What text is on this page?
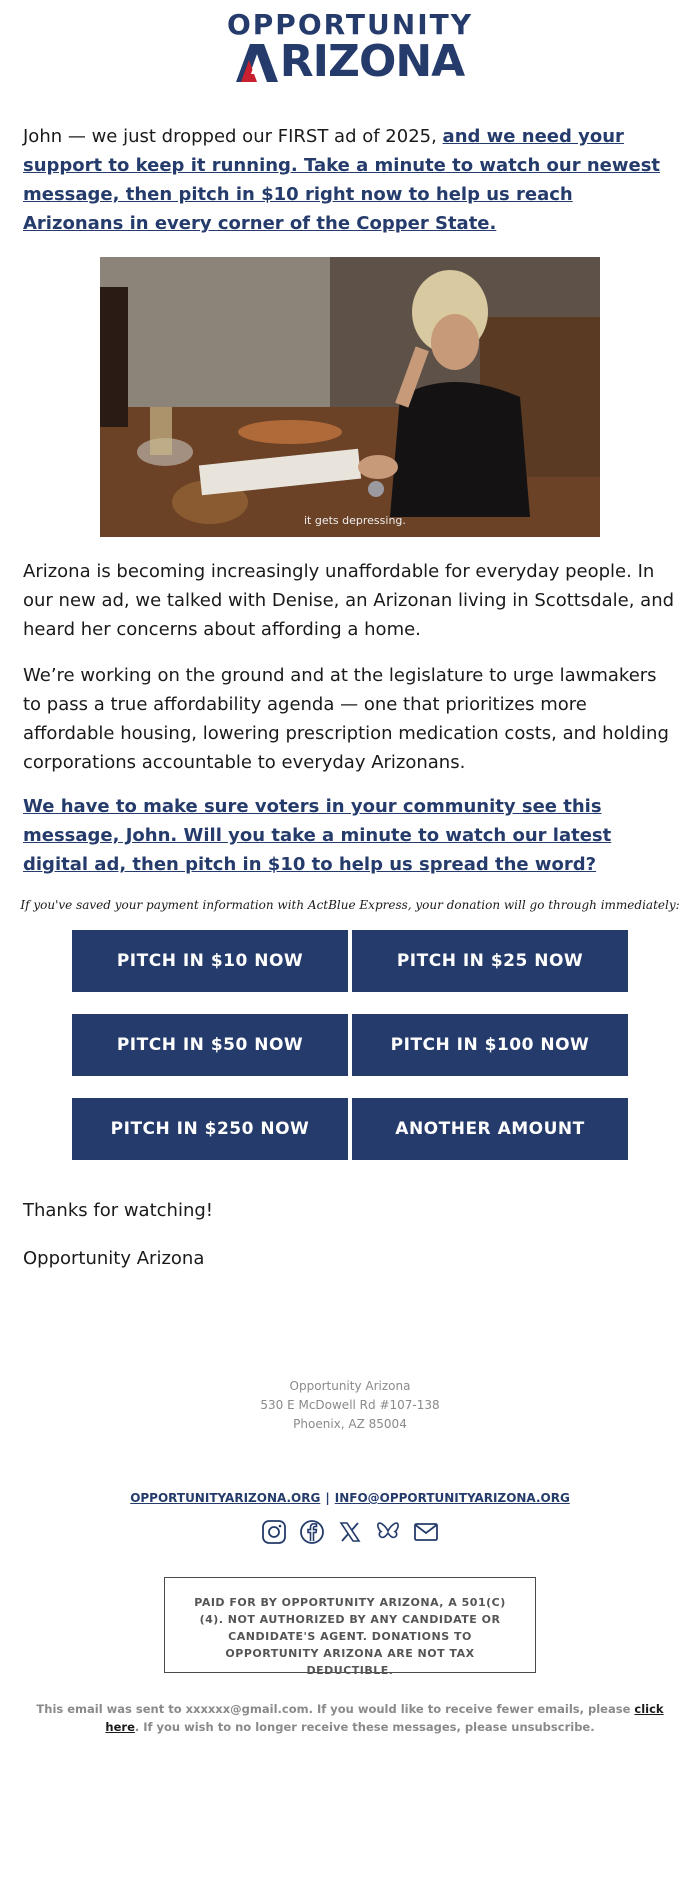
OPPORTUNITY
RIZONA
John — we just dropped our FIRST ad of 2025, and we need your support to keep it running. Take a minute to watch our newest message, then pitch in $10 right now to help us reach Arizonans in every corner of the Copper State.
it gets depressing.
Arizona is becoming increasingly unaffordable for everyday people. In our new ad, we talked with Denise, an Arizonan living in Scottsdale, and heard her concerns about affording a home.
We’re working on the ground and at the legislature to urge lawmakers to pass a true affordability agenda — one that prioritizes more affordable housing, lowering prescription medication costs, and holding corporations accountable to everyday Arizonans.
We have to make sure voters in your community see this message, John. Will you take a minute to watch our latest digital ad, then pitch in $10 to help us spread the word?
If you've saved your payment information with ActBlue Express, your donation will go through immediately:
PITCH IN $10 NOW	PITCH IN $25 NOW
PITCH IN $50 NOW	PITCH IN $100 NOW
PITCH IN $250 NOW	ANOTHER AMOUNT
Thanks for watching!
Opportunity Arizona
Opportunity Arizona
530 E McDowell Rd #107-138
Phoenix, AZ 85004
OPPORTUNITYARIZONA.ORG | INFO@OPPORTUNITYARIZONA.ORG
PAID FOR BY OPPORTUNITY ARIZONA, A 501(C)(4). NOT AUTHORIZED BY ANY CANDIDATE OR CANDIDATE'S AGENT. DONATIONS TO OPPORTUNITY ARIZONA ARE NOT TAX DEDUCTIBLE.
This email was sent to xxxxxx@gmail.com. If you would like to receive fewer emails, please click here. If you wish to no longer receive these messages, please unsubscribe.
